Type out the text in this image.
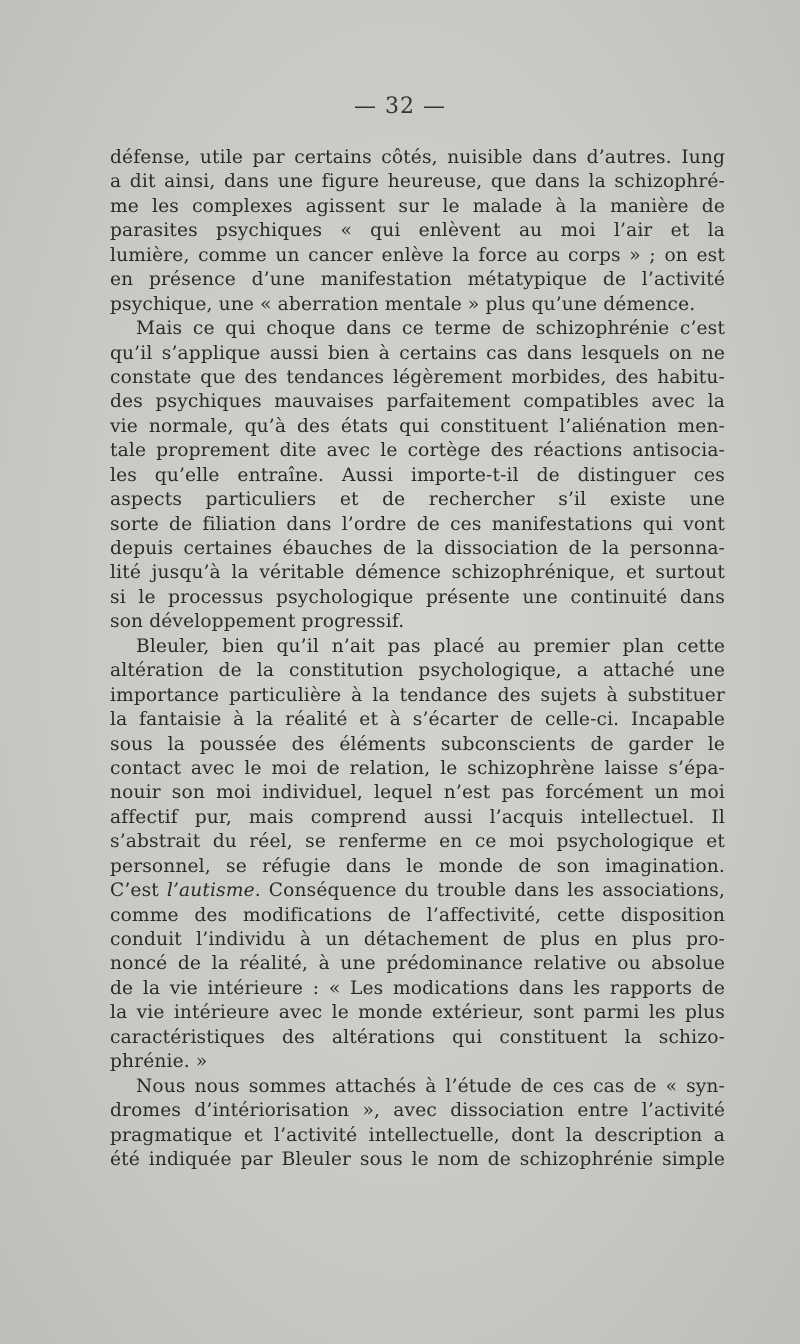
— 32 —
défense, utile par certains côtés, nuisible dans d’autres. Iung
a dit ainsi, dans une figure heureuse, que dans la schizophré-
me les complexes agissent sur le malade à la manière de
parasites psychiques « qui enlèvent au moi l’air et la
lumière, comme un cancer enlève la force au corps » ; on est
en présence d’une manifestation métatypique de l’activité
psychique, une « aberration mentale » plus qu’une démence.
Mais ce qui choque dans ce terme de schizophrénie c’est
qu’il s’applique aussi bien à certains cas dans lesquels on ne
constate que des tendances légèrement morbides, des habitu-
des psychiques mauvaises parfaitement compatibles avec la
vie normale, qu’à des états qui constituent l’aliénation men-
tale proprement dite avec le cortège des réactions antisocia-
les qu’elle entraîne. Aussi importe-t-il de distinguer ces
aspects particuliers et de rechercher s’il existe une
sorte de filiation dans l’ordre de ces manifestations qui vont
depuis certaines ébauches de la dissociation de la personna-
lité jusqu’à la véritable démence schizophrénique, et surtout
si le processus psychologique présente une continuité dans
son développement progressif.
Bleuler, bien qu’il n’ait pas placé au premier plan cette
altération de la constitution psychologique, a attaché une
importance particulière à la tendance des sujets à substituer
la fantaisie à la réalité et à s’écarter de celle-ci. Incapable
sous la poussée des éléments subconscients de garder le
contact avec le moi de relation, le schizophrène laisse s’épa-
nouir son moi individuel, lequel n’est pas forcément un moi
affectif pur, mais comprend aussi l’acquis intellectuel. Il
s’abstrait du réel, se renferme en ce moi psychologique et
personnel, se réfugie dans le monde de son imagination.
C’est l’autisme. Conséquence du trouble dans les associations,
comme des modifications de l’affectivité, cette disposition
conduit l’individu à un détachement de plus en plus pro-
noncé de la réalité, à une prédominance relative ou absolue
de la vie intérieure : « Les modications dans les rapports de
la vie intérieure avec le monde extérieur, sont parmi les plus
caractéristiques des altérations qui constituent la schizo-
phrénie. »
Nous nous sommes attachés à l’étude de ces cas de « syn-
dromes d’intériorisation », avec dissociation entre l’activité
pragmatique et l’activité intellectuelle, dont la description a
été indiquée par Bleuler sous le nom de schizophrénie simple
